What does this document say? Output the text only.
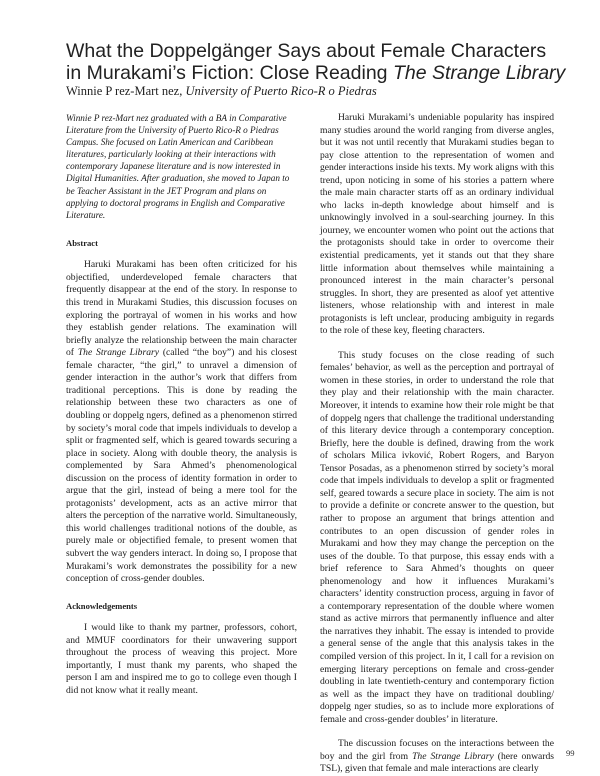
What the Doppelgänger Says about Female Characters
in Murakami’s Fiction: Close Reading The Strange Library
Winnie P rez-Mart nez, University of Puerto Rico-R o Piedras

Winnie P rez-Mart nez graduated with a BA in Comparative Literature from the University of Puerto Rico-R o Piedras Campus. She focused on Latin American and Caribbean literatures, particularly looking at their interactions with contemporary Japanese literature and is now interested in Digital Humanities. After graduation, she moved to Japan to be Teacher Assistant in the JET Program and plans on applying to doctoral programs in English and Comparative Literature.

Abstract

Haruki Murakami has been often criticized for his objectified, underdeveloped female characters that frequently disappear at the end of the story. In response to this trend in Murakami Studies, this discussion focuses on exploring the portrayal of women in his works and how they establish gender relations. The examination will briefly analyze the relationship between the main character of The Strange Library (called “the boy”) and his closest female character, “the girl,” to unravel a dimension of gender interaction in the author’s work that differs from traditional perceptions. This is done by reading the relationship between these two characters as one of doubling or doppelg ngers, defined as a phenomenon stirred by society’s moral code that impels individuals to develop a split or fragmented self, which is geared towards securing a place in society. Along with double theory, the analysis is complemented by Sara Ahmed’s phenomenological discussion on the process of identity formation in order to argue that the girl, instead of being a mere tool for the protagonists’ development, acts as an active mirror that alters the perception of the narrative world. Simultaneously, this world challenges traditional notions of the double, as purely male or objectified female, to present women that subvert the way genders interact. In doing so, I propose that Murakami’s work demonstrates the possibility for a new conception of cross-gender doubles.

Acknowledgements

I would like to thank my partner, professors, cohort, and MMUF coordinators for their unwavering support throughout the process of weaving this project. More importantly, I must thank my parents, who shaped the person I am and inspired me to go to college even though I did not know what it really meant.

Haruki Murakami’s undeniable popularity has inspired many studies around the world ranging from diverse angles, but it was not until recently that Murakami studies began to pay close attention to the representation of women and gender interactions inside his texts. My work aligns with this trend, upon noticing in some of his stories a pattern where the male main character starts off as an ordinary individual who lacks in-depth knowledge about himself and is unknowingly involved in a soul-searching journey. In this journey, we encounter women who point out the actions that the protagonists should take in order to overcome their existential predicaments, yet it stands out that they share little information about themselves while maintaining a pronounced interest in the main character’s personal struggles. In short, they are presented as aloof yet attentive listeners, whose relationship with and interest in male protagonists is left unclear, producing ambiguity in regards to the role of these key, fleeting characters.

This study focuses on the close reading of such females’ behavior, as well as the perception and portrayal of women in these stories, in order to understand the role that they play and their relationship with the main character. Moreover, it intends to examine how their role might be that of doppelg ngers that challenge the traditional understanding of this literary device through a contemporary conception. Briefly, here the double is defined, drawing from the work of scholars Milica ivković, Robert Rogers, and Baryon Tensor Posadas, as a phenomenon stirred by society’s moral code that impels individuals to develop a split or fragmented self, geared towards a secure place in society. The aim is not to provide a definite or concrete answer to the question, but rather to propose an argument that brings attention and contributes to an open discussion of gender roles in Murakami and how they may change the perception on the uses of the double. To that purpose, this essay ends with a brief reference to Sara Ahmed’s thoughts on queer phenomenology and how it influences Murakami’s characters’ identity construction process, arguing in favor of a contemporary representation of the double where women stand as active mirrors that permanently influence and alter the narratives they inhabit. The essay is intended to provide a general sense of the angle that this analysis takes in the compiled version of this project. In it, I call for a revision on emerging literary perceptions on female and cross-gender doubling in late twentieth-century and contemporary fiction as well as the impact they have on traditional doubling/ doppelg nger studies, so as to include more explorations of female and cross-gender doubles’ in literature.

The discussion focuses on the interactions between the boy and the girl from The Strange Library (here onwards TSL), given that female and male interactions are clearly

99
